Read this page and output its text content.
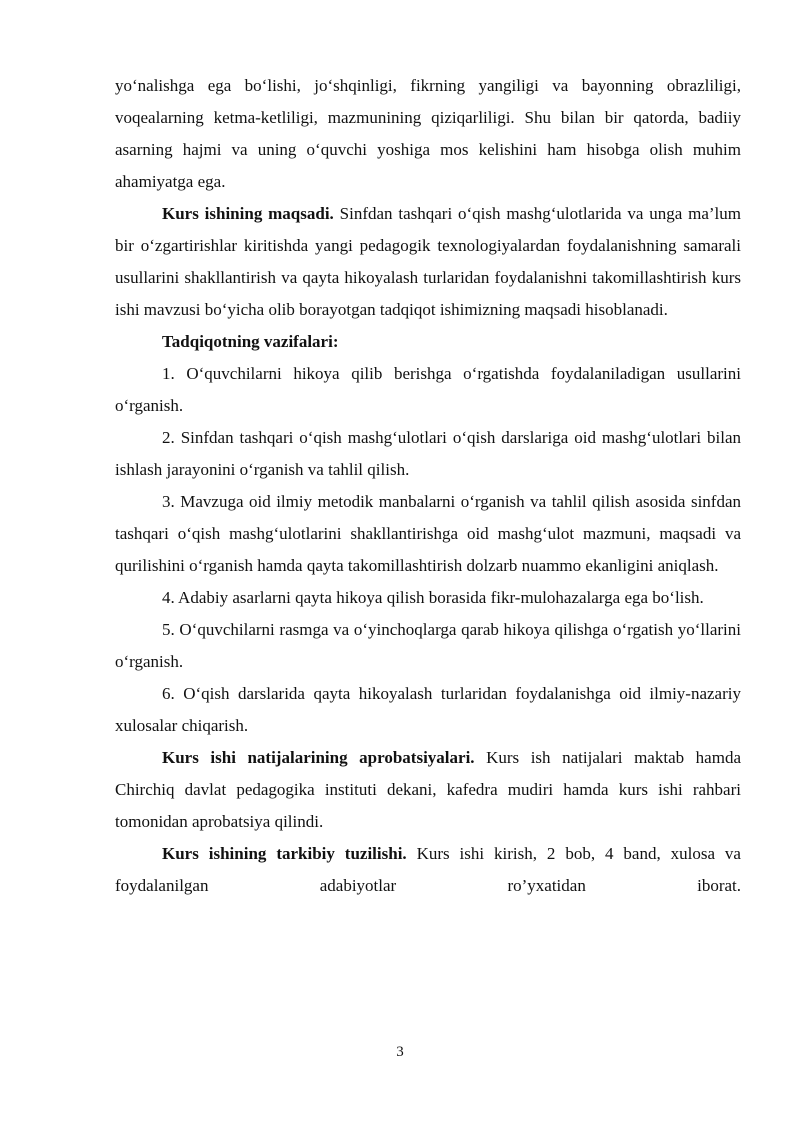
yo‘nalishga ega bo‘lishi, jo‘shqinligi, fikrning yangiligi va bayonning obrazliligi, voqealarning ketma-ketliligi, mazmunining qiziqarliligi. Shu bilan bir qatorda, badiiy asarning hajmi va uning o‘quvchi yoshiga mos kelishini ham hisobga olish muhim ahamiyatga ega.

Kurs ishining maqsadi. Sinfdan tashqari o‘qish mashg‘ulotlarida va unga ma’lum bir o‘zgartirishlar kiritishda yangi pedagogik texnologiyalardan foydalanishning samarali usullarini shakllantirish va qayta hikoyalash turlaridan foydalanishni takomillashtirish kurs ishi mavzusi bo‘yicha olib borayotgan tadqiqot ishimizning maqsadi hisoblanadi.

Tadqiqotning vazifalari:

1. O‘quvchilarni hikoya qilib berishga o‘rgatishda foydalaniladigan usullarini o‘rganish.

2. Sinfdan tashqari o‘qish mashg‘ulotlari o‘qish darslariga oid mashg‘ulotlari bilan ishlash jarayonini o‘rganish va tahlil qilish.

3. Mavzuga oid ilmiy metodik manbalarni o‘rganish va tahlil qilish asosida sinfdan tashqari o‘qish mashg‘ulotlarini shakllantirishga oid mashg‘ulot mazmuni, maqsadi va qurilishini o‘rganish hamda qayta takomillashtirish dolzarb nuammo ekanligini aniqlash.

4. Adabiy asarlarni qayta hikoya qilish borasida fikr-mulohazalarga ega bo‘lish.

5. O‘quvchilarni rasmga va o‘yinchoqlarga qarab hikoya qilishga o‘rgatish yo‘llarini o‘rganish.

6. O‘qish darslarida qayta hikoyalash turlaridan foydalanishga oid ilmiy-nazariy xulosalar chiqarish.

Kurs ishi natijalarining aprobatsiyalari. Kurs ish natijalari maktab hamda Chirchiq davlat pedagogika instituti dekani, kafedra mudiri hamda kurs ishi rahbari tomonidan aprobatsiya qilindi.

Kurs ishining tarkibiy tuzilishi. Kurs ishi kirish, 2 bob, 4 band, xulosa va foydalanilgan adabiyotlar ro’yxatidan iborat.

3
